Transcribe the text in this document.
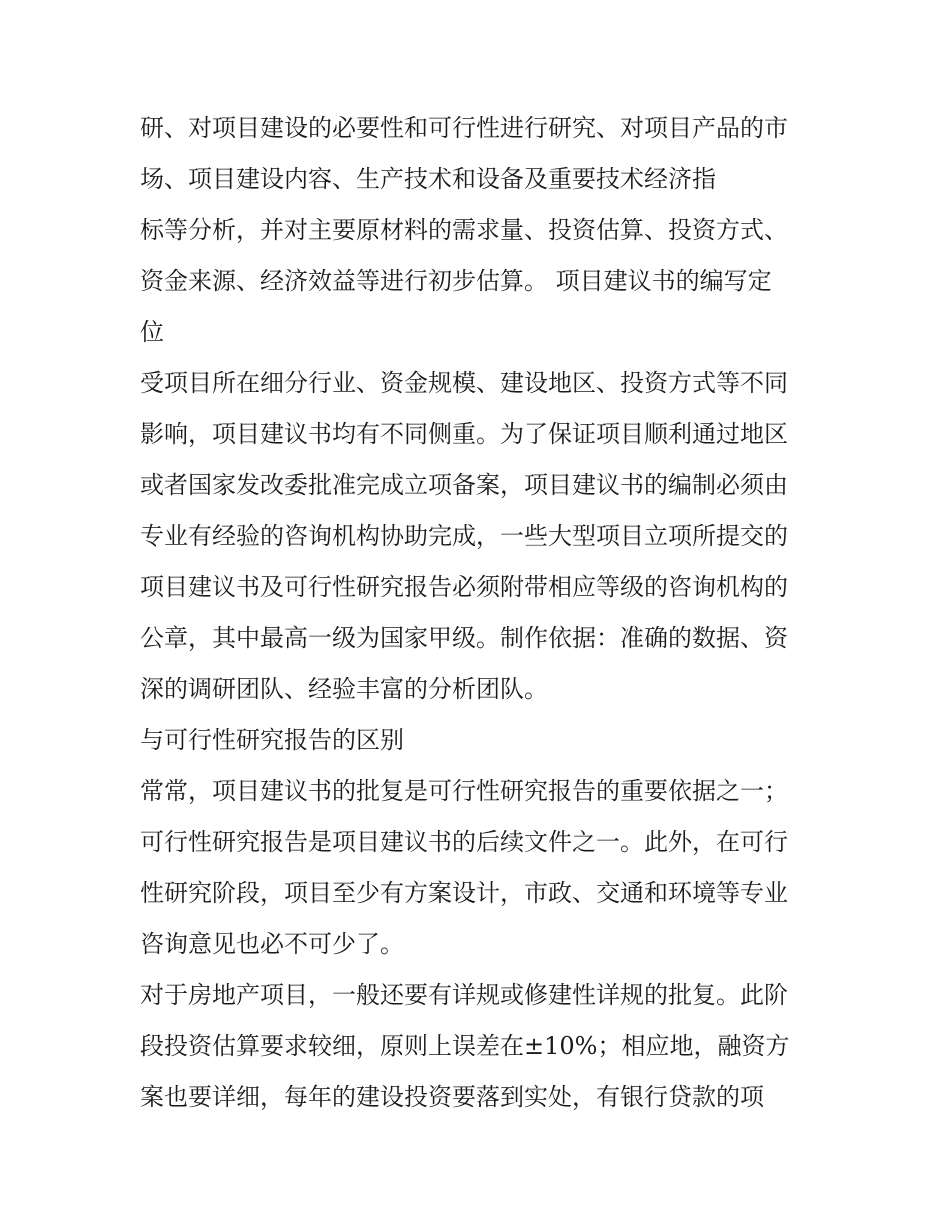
研、对项目建设的必要性和可行性进行研究、对项目产品的市
场、项目建设内容、生产技术和设备及重要技术经济指
标等分析，并对主要原材料的需求量、投资估算、投资方式、
资金来源、经济效益等进行初步估算。 项目建议书的编写定
位
受项目所在细分行业、资金规模、建设地区、投资方式等不同
影响，项目建议书均有不同侧重。为了保证项目顺利通过地区
或者国家发改委批准完成立项备案，项目建议书的编制必须由
专业有经验的咨询机构协助完成，一些大型项目立项所提交的
项目建议书及可行性研究报告必须附带相应等级的咨询机构的
公章，其中最高一级为国家甲级。制作依据：准确的数据、资
深的调研团队、经验丰富的分析团队。
与可行性研究报告的区别
常常，项目建议书的批复是可行性研究报告的重要依据之一；
可行性研究报告是项目建议书的后续文件之一。此外，在可行
性研究阶段，项目至少有方案设计，市政、交通和环境等专业
咨询意见也必不可少了。
对于房地产项目，一般还要有详规或修建性详规的批复。此阶
段投资估算要求较细，原则上误差在±10%；相应地，融资方
案也要详细，每年的建设投资要落到实处，有银行贷款的项
